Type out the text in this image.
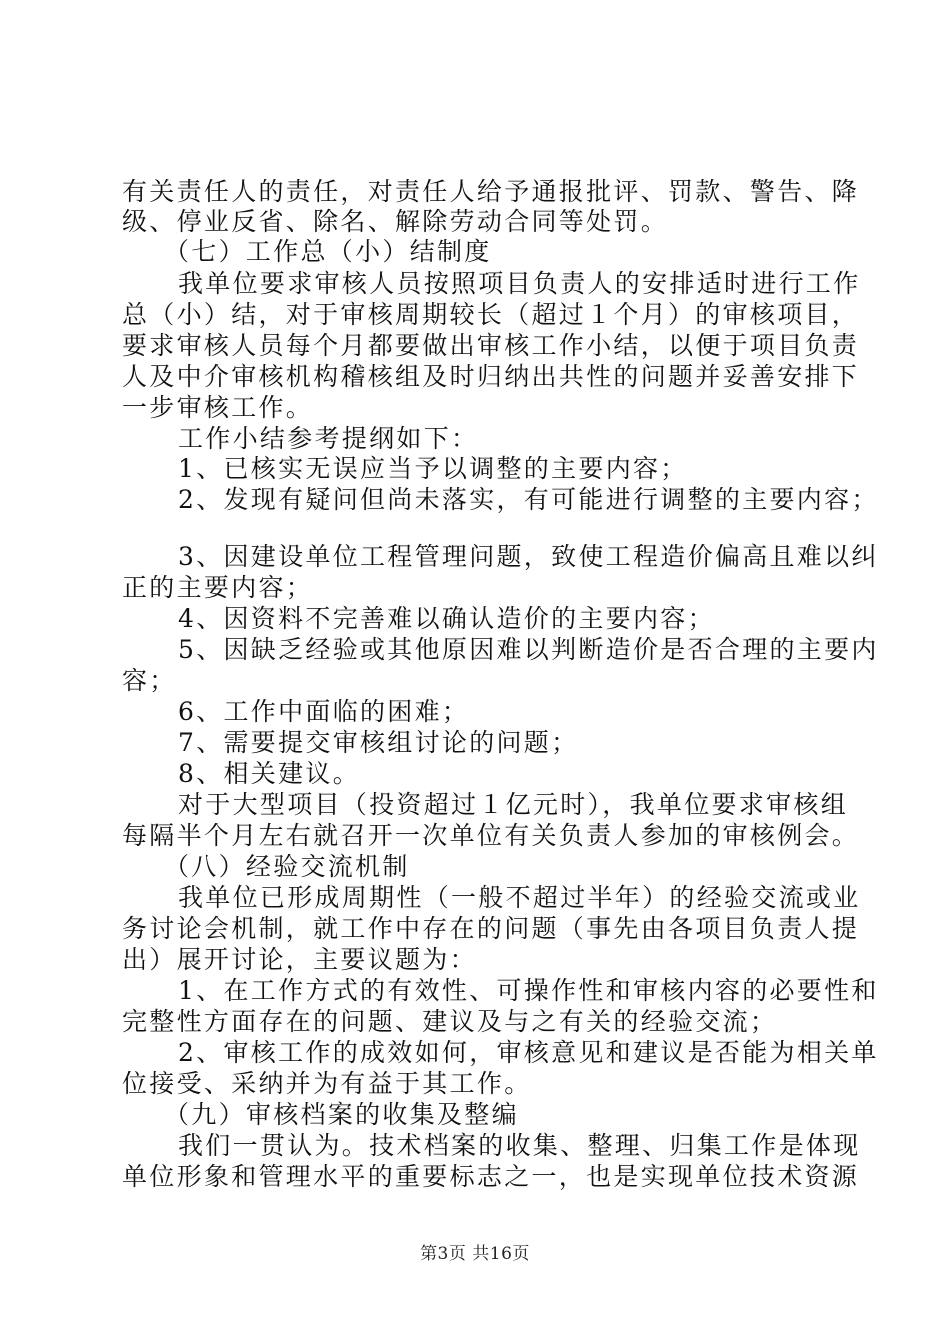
有关责任人的责任，对责任人给予通报批评、罚款、警告、降
级、停业反省、除名、解除劳动合同等处罚。
（七）工作总（小）结制度
我单位要求审核人员按照项目负责人的安排适时进行工作
总（小）结，对于审核周期较长（超过１个月）的审核项目，
要求审核人员每个月都要做出审核工作小结，以便于项目负责
人及中介审核机构稽核组及时归纳出共性的问题并妥善安排下
一步审核工作。
工作小结参考提纲如下：
1、已核实无误应当予以调整的主要内容；
2、发现有疑问但尚未落实，有可能进行调整的主要内容；
3、因建设单位工程管理问题，致使工程造价偏高且难以纠
正的主要内容；
4、因资料不完善难以确认造价的主要内容；
5、因缺乏经验或其他原因难以判断造价是否合理的主要内
容；
6、工作中面临的困难；
7、需要提交审核组讨论的问题；
8、相关建议。
对于大型项目（投资超过１亿元时），我单位要求审核组
每隔半个月左右就召开一次单位有关负责人参加的审核例会。
（八）经验交流机制
我单位已形成周期性（一般不超过半年）的经验交流或业
务讨论会机制，就工作中存在的问题（事先由各项目负责人提
出）展开讨论，主要议题为：
1、在工作方式的有效性、可操作性和审核内容的必要性和
完整性方面存在的问题、建议及与之有关的经验交流；
2、审核工作的成效如何，审核意见和建议是否能为相关单
位接受、采纳并为有益于其工作。
（九）审核档案的收集及整编
我们一贯认为。技术档案的收集、整理、归集工作是体现
单位形象和管理水平的重要标志之一，也是实现单位技术资源
第3页 共16页
